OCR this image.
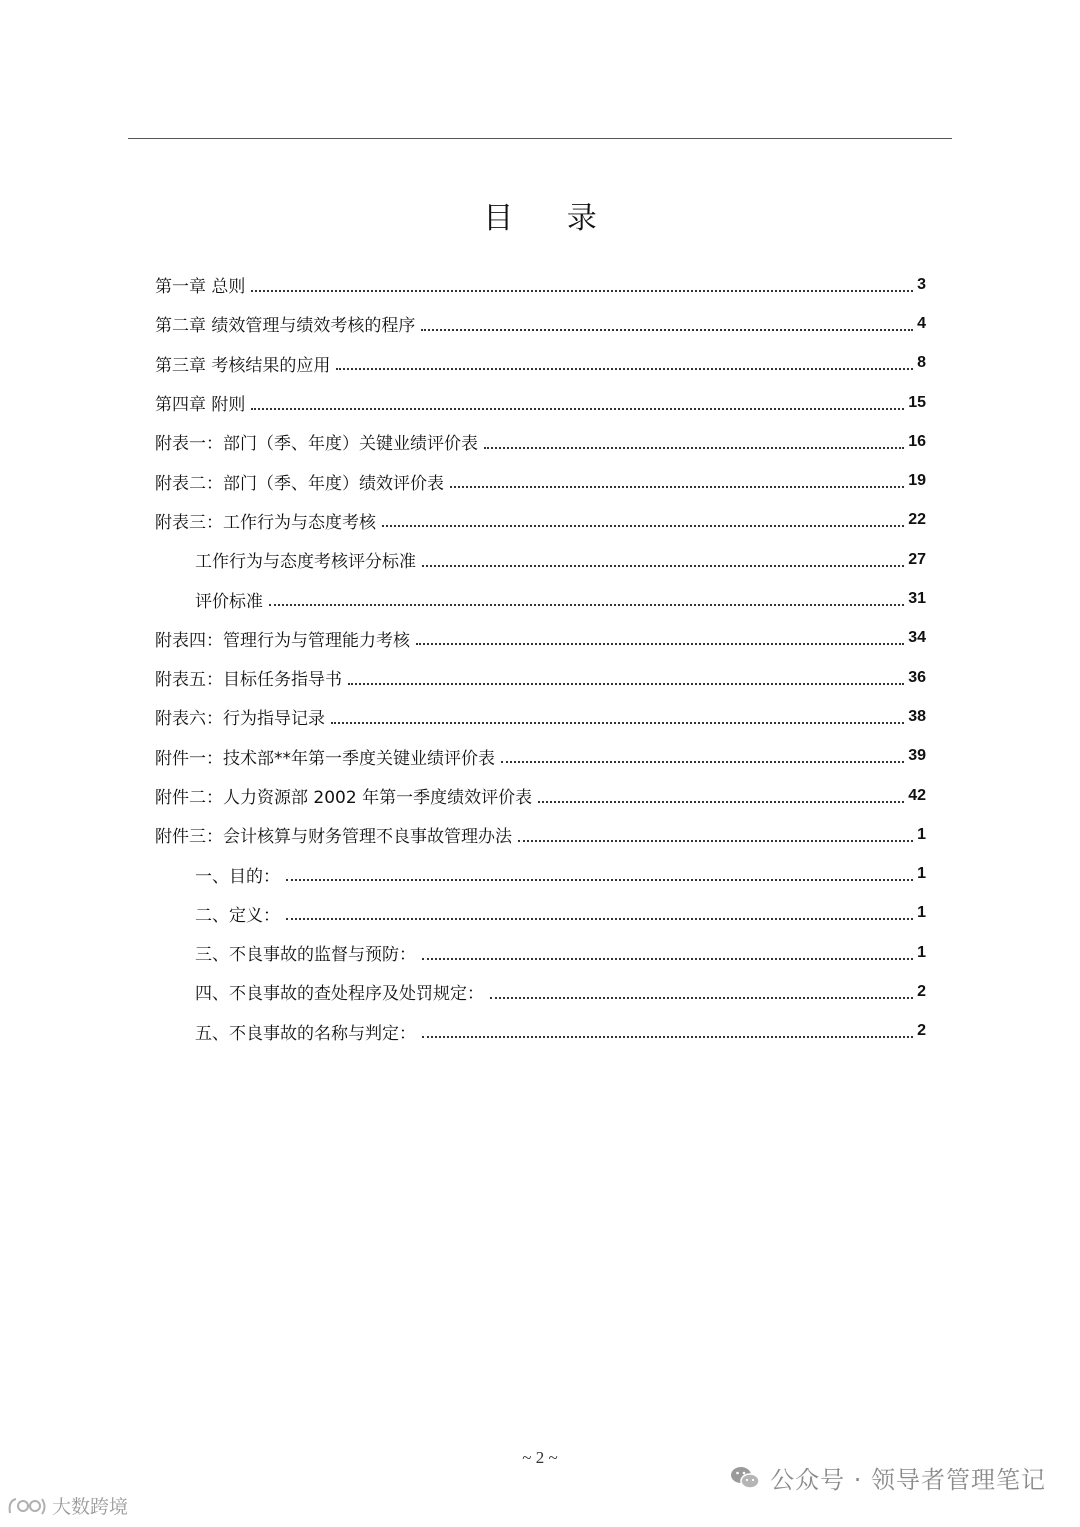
目 录
第一章 总则	3
第二章 绩效管理与绩效考核的程序	4
第三章 考核结果的应用	8
第四章 附则	15
附表一：部门（季、年度）关键业绩评价表	16
附表二：部门（季、年度）绩效评价表	19
附表三：工作行为与态度考核	22
工作行为与态度考核评分标准	27
评价标准	31
附表四：管理行为与管理能力考核	34
附表五：目标任务指导书	36
附表六：行为指导记录	38
附件一：技术部**年第一季度关键业绩评价表	39
附件二：人力资源部 2002 年第一季度绩效评价表	42
附件三：会计核算与财务管理不良事故管理办法	1
一、目的：	1
二、定义：	1
三、不良事故的监督与预防：	1
四、不良事故的查处程序及处罚规定：	2
五、不良事故的名称与判定：	2
~ 2 ~
公众号 · 领导者管理笔记
大数跨境
